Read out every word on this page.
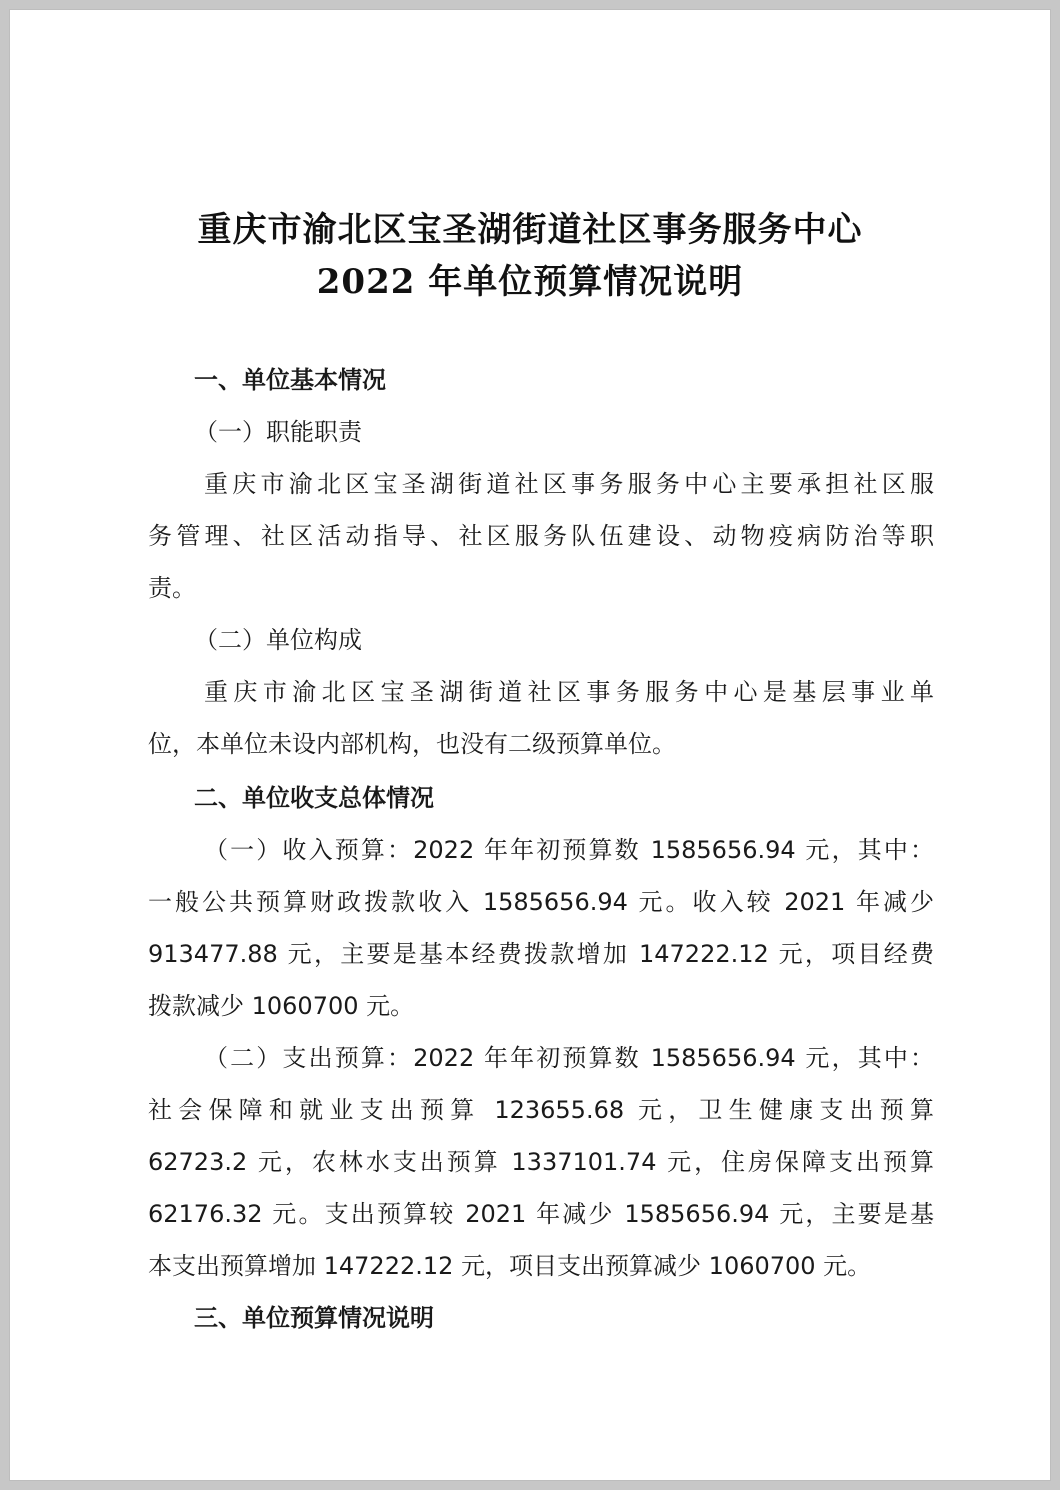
重庆市渝北区宝圣湖街道社区事务服务中心
2022 年单位预算情况说明
一、单位基本情况
（一）职能职责
重庆市渝北区宝圣湖街道社区事务服务中心主要承担社区服
务管理、社区活动指导、社区服务队伍建设、动物疫病防治等职
责。
（二）单位构成
重庆市渝北区宝圣湖街道社区事务服务中心是基层事业单
位，本单位未设内部机构，也没有二级预算单位。
二、单位收支总体情况
（一）收入预算：2022 年年初预算数 1585656.94 元，其中：
一般公共预算财政拨款收入 1585656.94 元。收入较 2021 年减少
913477.88 元，主要是基本经费拨款增加 147222.12 元，项目经费
拨款减少 1060700 元。
（二）支出预算：2022 年年初预算数 1585656.94 元，其中：
社会保障和就业支出预算 123655.68 元，卫生健康支出预算
62723.2 元，农林水支出预算 1337101.74 元，住房保障支出预算
62176.32 元。支出预算较 2021 年减少 1585656.94 元，主要是基
本支出预算增加 147222.12 元，项目支出预算减少 1060700 元。
三、单位预算情况说明
